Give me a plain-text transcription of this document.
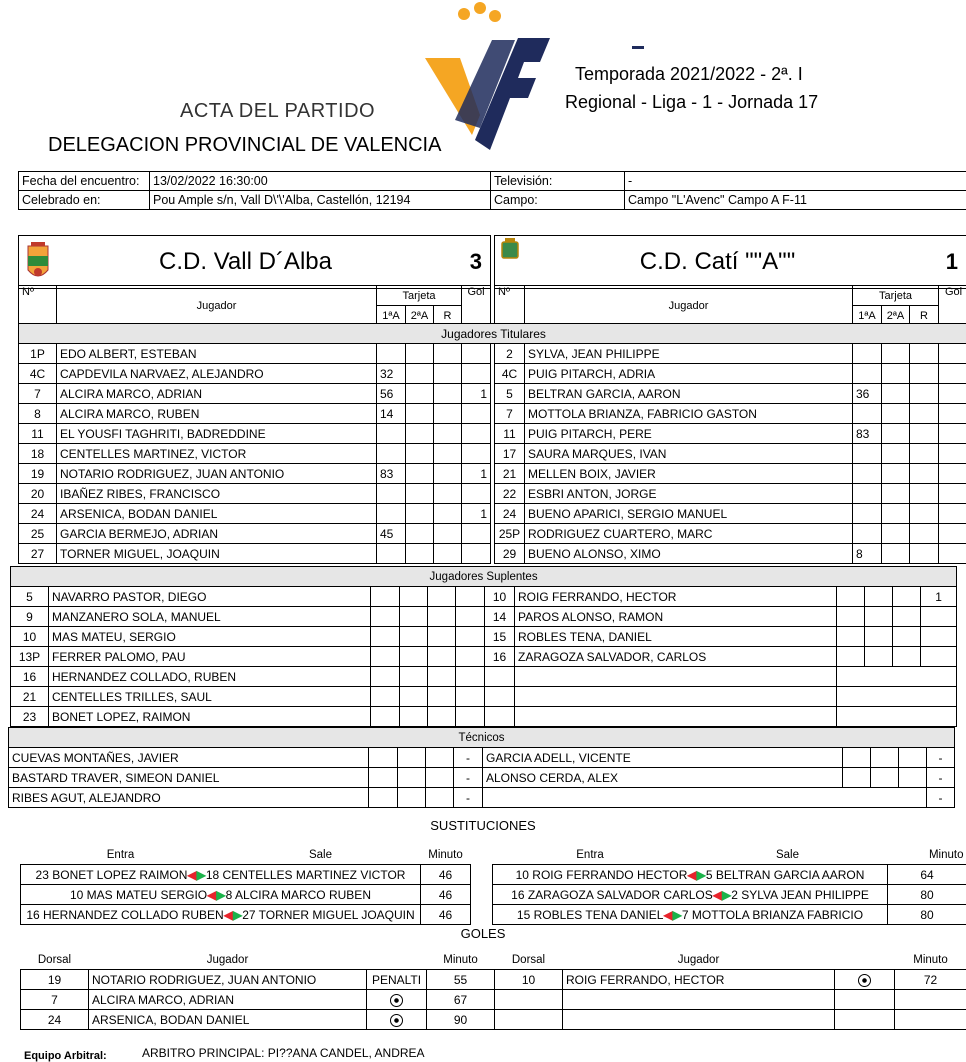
ACTA DEL PARTIDO
DELEGACION PROVINCIAL DE VALENCIA
Temporada 2021/2022 - 2ª. I
Regional - Liga - 1 - Jornada 17
Fecha del encuentro:	13/02/2022 16:30:00	Televisión:	-
Celebrado en:	Pou Ample s/n, Vall D\'\'Alba, Castellón, 12194	Campo:	Campo "L'Avenc" Campo A F-11
	C.D. Vall D´Alba	3			C.D. Catí ""A""	1
Nº	Jugador	Tarjeta			Gol		Nº	Jugador	Tarjeta			Gol
		1ªA	2ªA	R					1ªA	2ªA	R	
Jugadores Titulares												
1P	EDO ALBERT, ESTEBAN						2	SYLVA, JEAN PHILIPPE				
4C	CAPDEVILA NARVAEZ, ALEJANDRO	32					4C	PUIG PITARCH, ADRIA				
7	ALCIRA MARCO, ADRIAN	56			1		5	BELTRAN GARCIA, AARON	36			
8	ALCIRA MARCO, RUBEN	14					7	MOTTOLA BRIANZA, FABRICIO GASTON				
11	EL YOUSFI TAGHRITI, BADREDDINE						11	PUIG PITARCH, PERE	83			
18	CENTELLES MARTINEZ, VICTOR						17	SAURA MARQUES, IVAN				
19	NOTARIO RODRIGUEZ, JUAN ANTONIO	83			1		21	MELLEN BOIX, JAVIER				
20	IBAÑEZ RIBES, FRANCISCO						22	ESBRI ANTON, JORGE				
24	ARSENICA, BODAN DANIEL				1		24	BUENO APARICI, SERGIO MANUEL				
25	GARCIA BERMEJO, ADRIAN	45					25P	RODRIGUEZ CUARTERO, MARC				
27	TORNER MIGUEL, JOAQUIN						29	BUENO ALONSO, XIMO	8			
Jugadores Suplentes											
5	NAVARRO PASTOR, DIEGO					10	ROIG FERRANDO, HECTOR				1
9	MANZANERO SOLA, MANUEL					14	PAROS ALONSO, RAMON				
10	MAS MATEU, SERGIO					15	ROBLES TENA, DANIEL				
13P	FERRER PALOMO, PAU					16	ZARAGOZA SALVADOR, CARLOS				
16	HERNANDEZ COLLADO, RUBEN										
21	CENTELLES TRILLES, SAUL										
23	BONET LOPEZ, RAIMON										
Técnicos									
CUEVAS MONTAÑES, JAVIER				-	GARCIA ADELL, VICENTE				-
BASTARD TRAVER, SIMEON DANIEL				-	ALONSO CERDA, ALEX				-
RIBES AGUT, ALEJANDRO				-					-
SUSTITUCIONES
Entra	Sale	Minuto		Entra	Sale	Minuto
23 BONET LOPEZ RAIMON◀▶18 CENTELLES MARTINEZ VICTOR		46		10 ROIG FERRANDO HECTOR◀▶5 BELTRAN GARCIA AARON		64
10 MAS MATEU SERGIO◀▶8 ALCIRA MARCO RUBEN		46		16 ZARAGOZA SALVADOR CARLOS◀▶2 SYLVA JEAN PHILIPPE		80
16 HERNANDEZ COLLADO RUBEN◀▶27 TORNER MIGUEL JOAQUIN		46		15 ROBLES TENA DANIEL◀▶7 MOTTOLA BRIANZA FABRICIO		80
GOLES
Dorsal	Jugador		Minuto	Dorsal	Jugador		Minuto
19	NOTARIO RODRIGUEZ, JUAN ANTONIO	PENALTI	55	10	ROIG FERRANDO, HECTOR		72
7	ALCIRA MARCO, ADRIAN		67				
24	ARSENICA, BODAN DANIEL		90				
Equipo Arbitral:	ARBITRO PRINCIPAL: PI??ANA CANDEL, ANDREA
